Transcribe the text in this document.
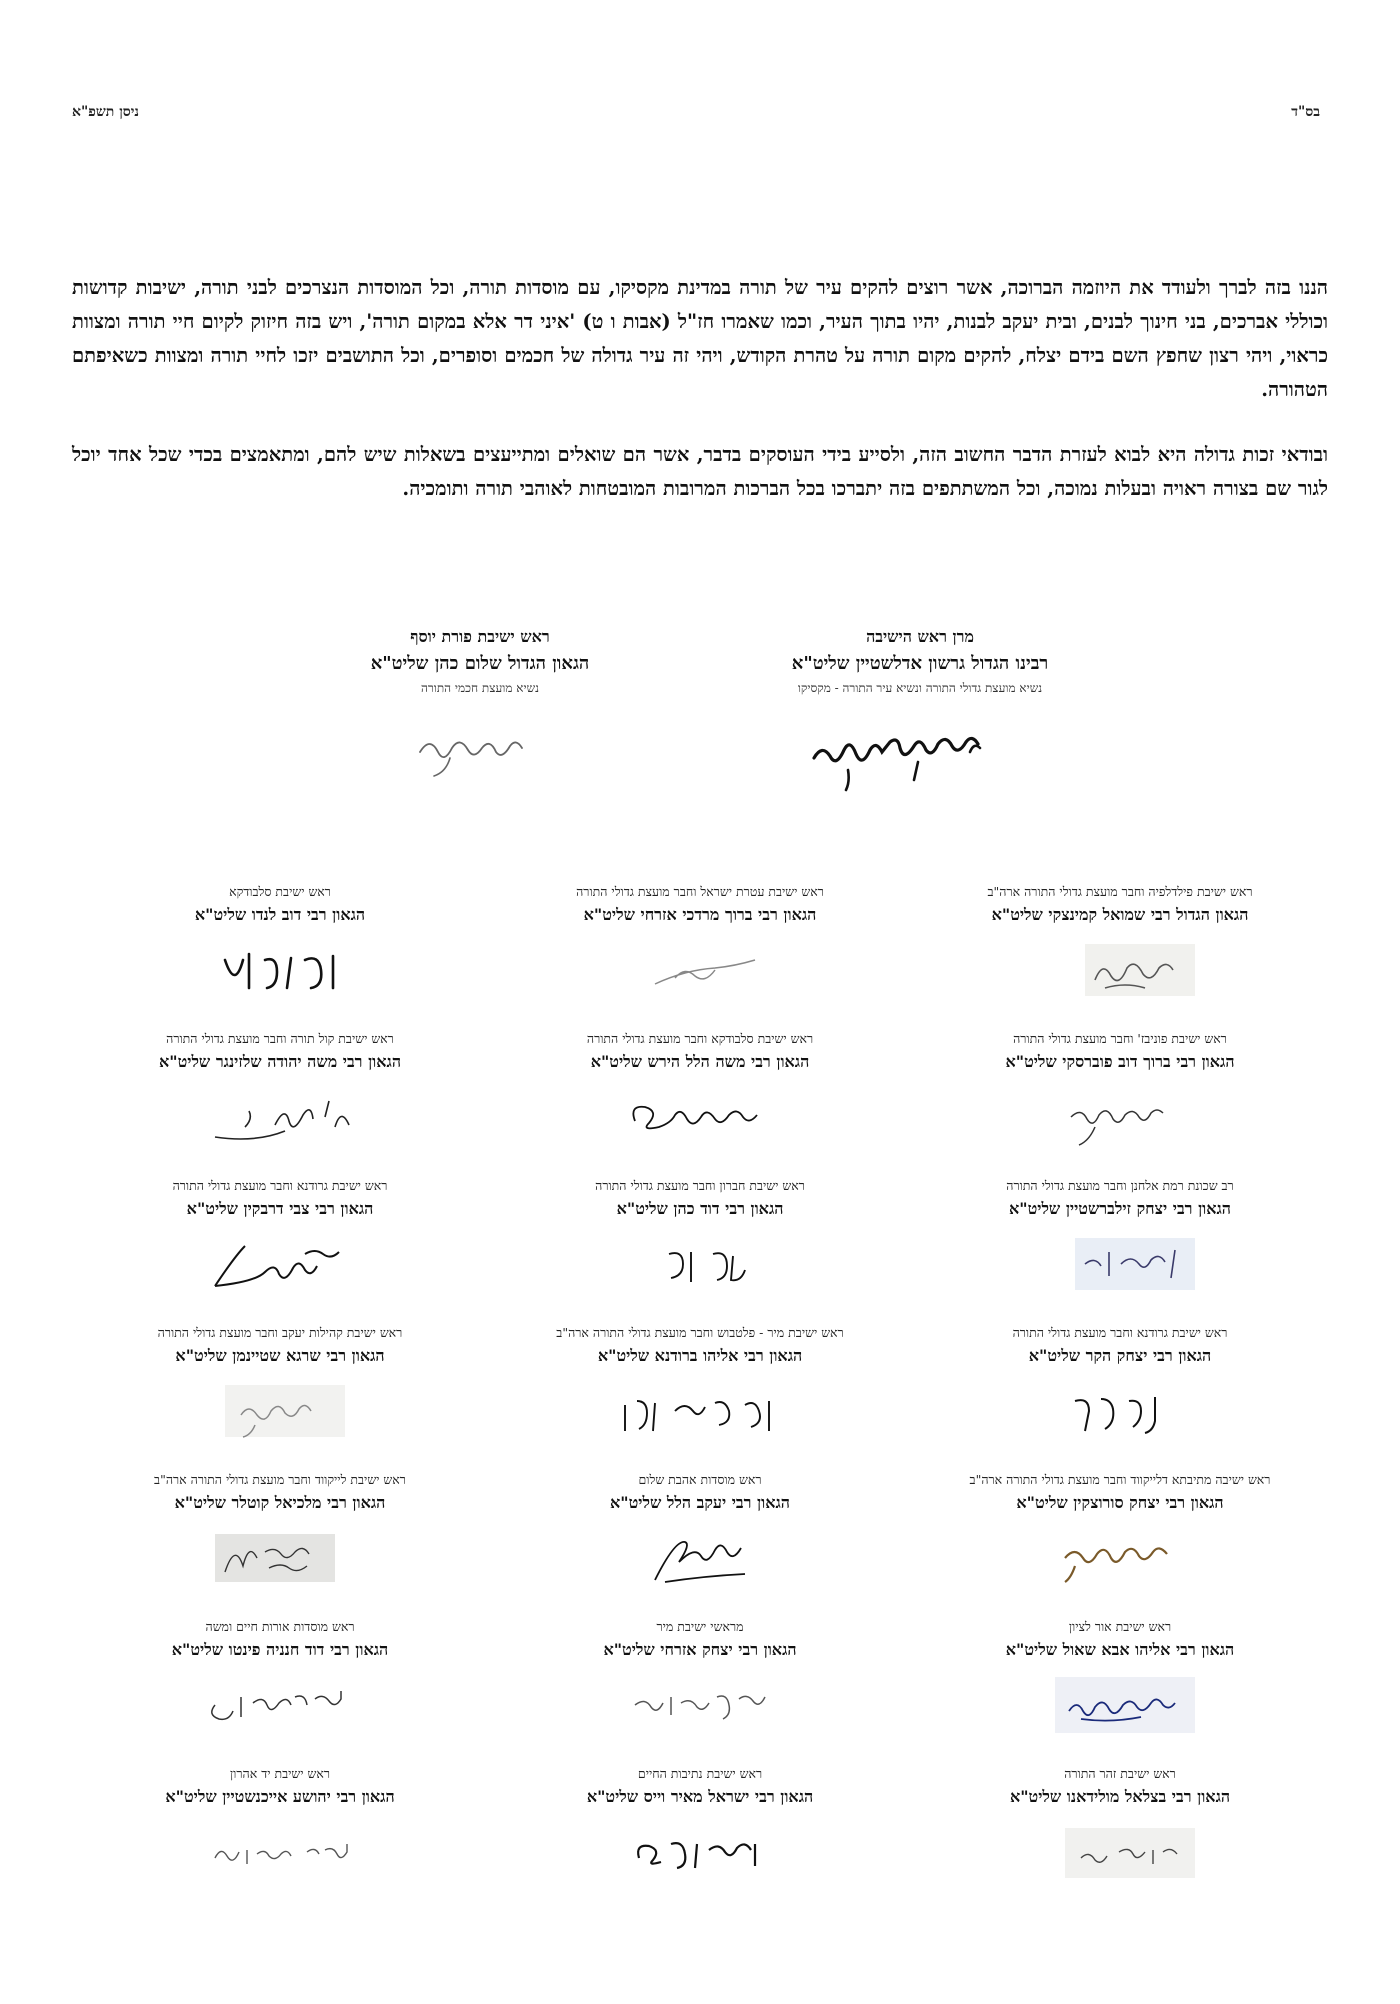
בס"ד
ניסן תשפ"א

הננו בזה לברך ולעודד את היוזמה הברוכה, אשר רוצים להקים עיר של תורה במדינת מקסיקו, עם מוסדות תורה, וכל המוסדות הנצרכים לבני תורה, ישיבות קדושות וכוללי אברכים, בני חינוך לבנים, ובית יעקב לבנות, יהיו בתוך העיר, וכמו שאמרו חז"ל (אבות ו ט) 'איני דר אלא במקום תורה', ויש בזה חיזוק לקיום חיי תורה ומצוות כראוי, ויהי רצון שחפץ השם בידם יצלח, להקים מקום תורה על טהרת הקודש, ויהי זה עיר גדולה של חכמים וסופרים, וכל התושבים יזכו לחיי תורה ומצוות כשאיפתם הטהורה.

ובודאי זכות גדולה היא לבוא לעזרת הדבר החשוב הזה, ולסייע בידי העוסקים בדבר, אשר הם שואלים ומתייעצים בשאלות שיש להם, ומתאמצים בכדי שכל אחד יוכל לגור שם בצורה ראויה ובעלות נמוכה, וכל המשתתפים בזה יתברכו בכל הברכות המרובות המובטחות לאוהבי תורה ותומכיה.

מרן ראש הישיבה
רבינו הגדול גרשון אדלשטיין שליט"א
נשיא מועצת גדולי התורה ונשיא עיר התורה - מקסיקו
ראש ישיבת פורת יוסף
הגאון הגדול שלום כהן שליט"א
נשיא מועצת חכמי התורה
ראש ישיבת פילדלפיה וחבר מועצת גדולי התורה ארה"ב
הגאון הגדול רבי שמואל קמינצקי שליט"א
ראש ישיבת עטרת ישראל וחבר מועצת גדולי התורה
הגאון רבי ברוך מרדכי אזרחי שליט"א
ראש ישיבת סלבודקא
הגאון רבי דוב לנדו שליט"א
ראש ישיבת פוניבז' וחבר מועצת גדולי התורה
הגאון רבי ברוך דוב פוברסקי שליט"א
ראש ישיבת סלבודקא וחבר מועצת גדולי התורה
הגאון רבי משה הלל הירש שליט"א
ראש ישיבת קול תורה וחבר מועצת גדולי התורה
הגאון רבי משה יהודה שלזינגר שליט"א
רב שכונת רמת אלחנן וחבר מועצת גדולי התורה
הגאון רבי יצחק זילברשטיין שליט"א
ראש ישיבת חברון וחבר מועצת גדולי התורה
הגאון רבי דוד כהן שליט"א
ראש ישיבת גרודנא וחבר מועצת גדולי התורה
הגאון רבי צבי דרבקין שליט"א
ראש ישיבת גרודנא וחבר מועצת גדולי התורה
הגאון רבי יצחק הקר שליט"א
ראש ישיבת מיר - פלטבוש וחבר מועצת גדולי התורה ארה"ב
הגאון רבי אליהו ברודנא שליט"א
ראש ישיבת קהילות יעקב וחבר מועצת גדולי התורה
הגאון רבי שרגא שטיינמן שליט"א
ראש ישיבה מתיבתא דלייקווד וחבר מועצת גדולי התורה ארה"ב
הגאון רבי יצחק סורוצקין שליט"א
ראש מוסדות אהבת שלום
הגאון רבי יעקב הלל שליט"א
ראש ישיבת לייקווד וחבר מועצת גדולי התורה ארה"ב
הגאון רבי מלכיאל קוטלר שליט"א
ראש ישיבת אור לציון
הגאון רבי אליהו אבא שאול שליט"א
מראשי ישיבת מיר
הגאון רבי יצחק אזרחי שליט"א
ראש מוסדות אורות חיים ומשה
הגאון רבי דוד חנניה פינטו שליט"א
ראש ישיבת זהר התורה
הגאון רבי בצלאל מולידאנו שליט"א
ראש ישיבת נתיבות החיים
הגאון רבי ישראל מאיר וייס שליט"א
ראש ישיבת יד אהרון
הגאון רבי יהושע אייכנשטיין שליט"א
